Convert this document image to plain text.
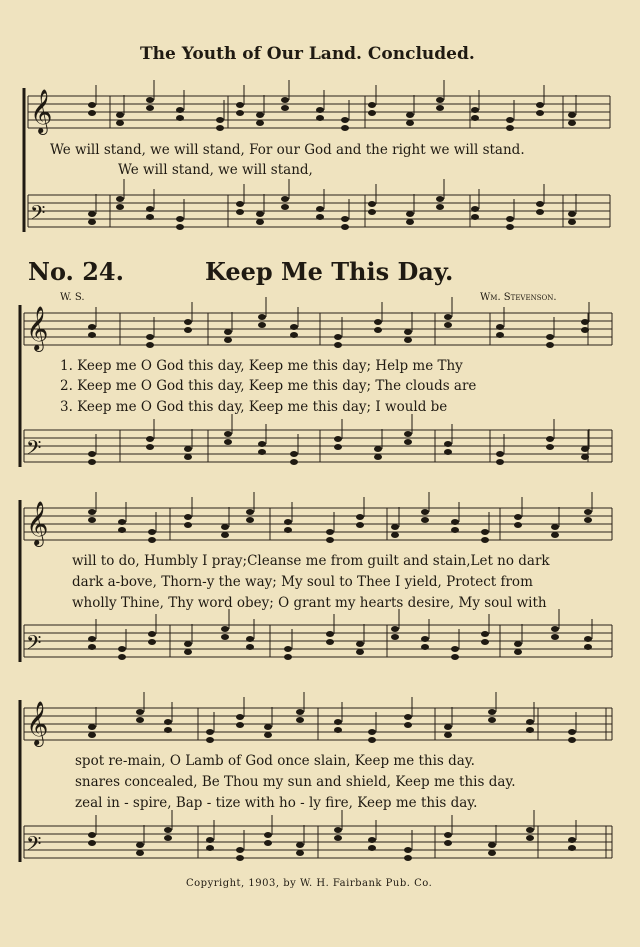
𝄞
𝄢
𝄞
𝄢
𝄞
𝄢
𝄞
𝄢
The Youth of Our Land. Concluded.
We will stand, we will stand, For our God and the right we will stand.
We will stand, we will stand,
No. 24.	Keep Me This Day.
W. S.	Wm. Stevenson.
1. Keep me O God this day, Keep me this day; Help me Thy
2. Keep me O God this day, Keep me this day; The clouds are
3. Keep me O God this day, Keep me this day; I would be
will to do, Humbly I pray;Cleanse me from guilt and stain,Let no dark
dark a-bove, Thorn-y the way; My soul to Thee I yield, Protect from
wholly Thine, Thy word obey; O grant my hearts desire, My soul with
spot re-main, O Lamb of God once slain, Keep me this day.
snares concealed, Be Thou my sun and shield, Keep me this day.
zeal in - spire, Bap - tize with ho - ly fire, Keep me this day.
Copyright, 1903, by W. H. Fairbank Pub. Co.
